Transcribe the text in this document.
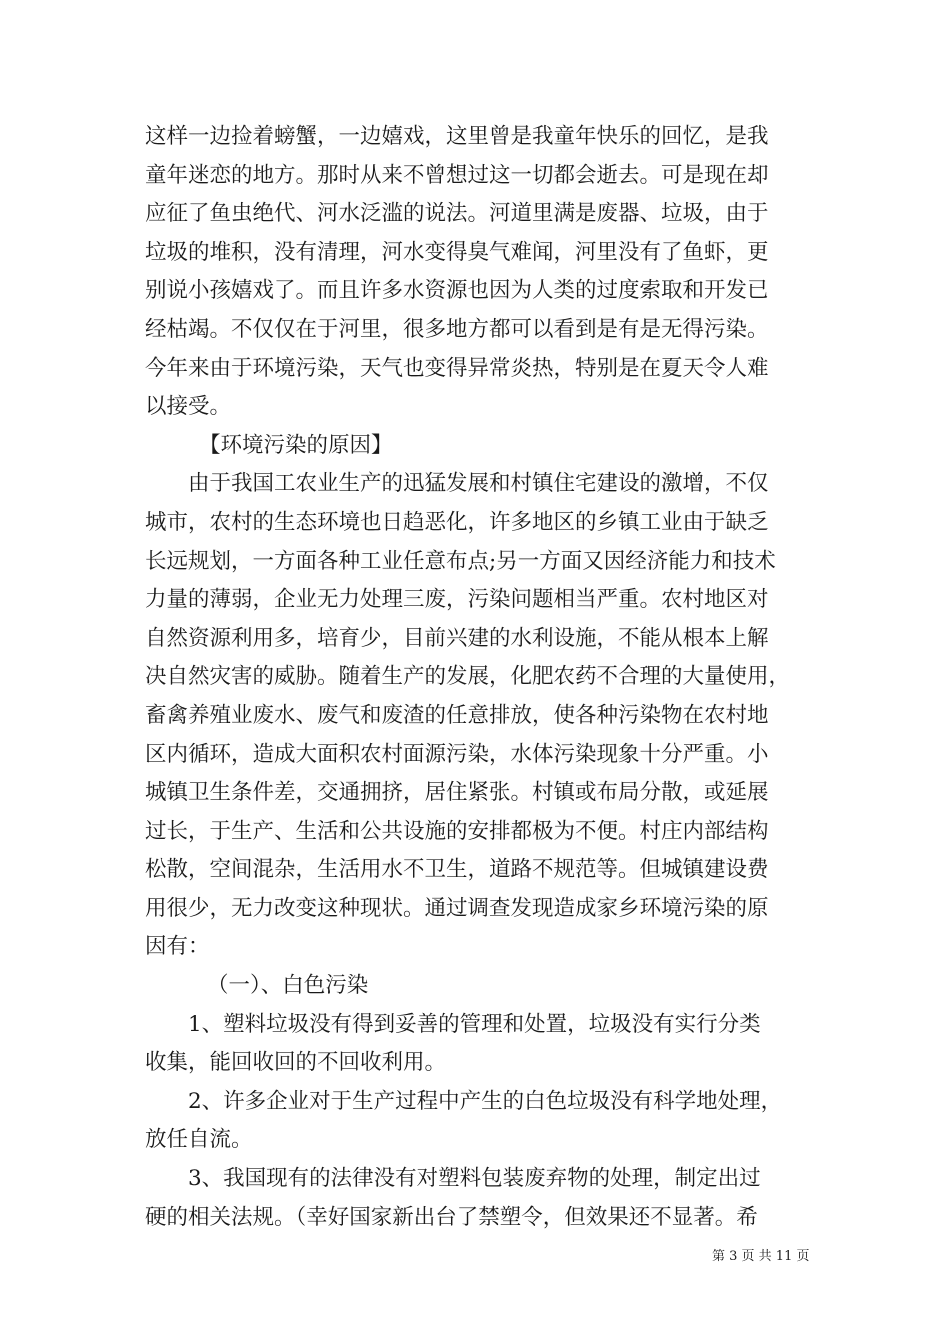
这样一边捡着螃蟹，一边嬉戏，这里曾是我童年快乐的回忆，是我
童年迷恋的地方。那时从来不曾想过这一切都会逝去。可是现在却
应征了鱼虫绝代、河水泛滥的说法。河道里满是废器、垃圾，由于
垃圾的堆积，没有清理，河水变得臭气难闻，河里没有了鱼虾，更
别说小孩嬉戏了。而且许多水资源也因为人类的过度索取和开发已
经枯竭。不仅仅在于河里，很多地方都可以看到是有是无得污染。
今年来由于环境污染，天气也变得异常炎热，特别是在夏天令人难
以接受。
【环境污染的原因】
由于我国工农业生产的迅猛发展和村镇住宅建设的激增，不仅
城市，农村的生态环境也日趋恶化，许多地区的乡镇工业由于缺乏
长远规划，一方面各种工业任意布点;另一方面又因经济能力和技术
力量的薄弱，企业无力处理三废，污染问题相当严重。农村地区对
自然资源利用多，培育少，目前兴建的水利设施，不能从根本上解
决自然灾害的威胁。随着生产的发展，化肥农药不合理的大量使用，
畜禽养殖业废水、废气和废渣的任意排放，使各种污染物在农村地
区内循环，造成大面积农村面源污染，水体污染现象十分严重。小
城镇卫生条件差，交通拥挤，居住紧张。村镇或布局分散，或延展
过长，于生产、生活和公共设施的安排都极为不便。村庄内部结构
松散，空间混杂，生活用水不卫生，道路不规范等。但城镇建设费
用很少，无力改变这种现状。通过调查发现造成家乡环境污染的原
因有：
（一）、白色污染
1、塑料垃圾没有得到妥善的管理和处置，垃圾没有实行分类
收集，能回收回的不回收利用。
2、许多企业对于生产过程中产生的白色垃圾没有科学地处理，
放任自流。
3、我国现有的法律没有对塑料包装废弃物的处理，制定出过
硬的相关法规。（幸好国家新出台了禁塑令，但效果还不显著。希
第 3 页 共 11 页
